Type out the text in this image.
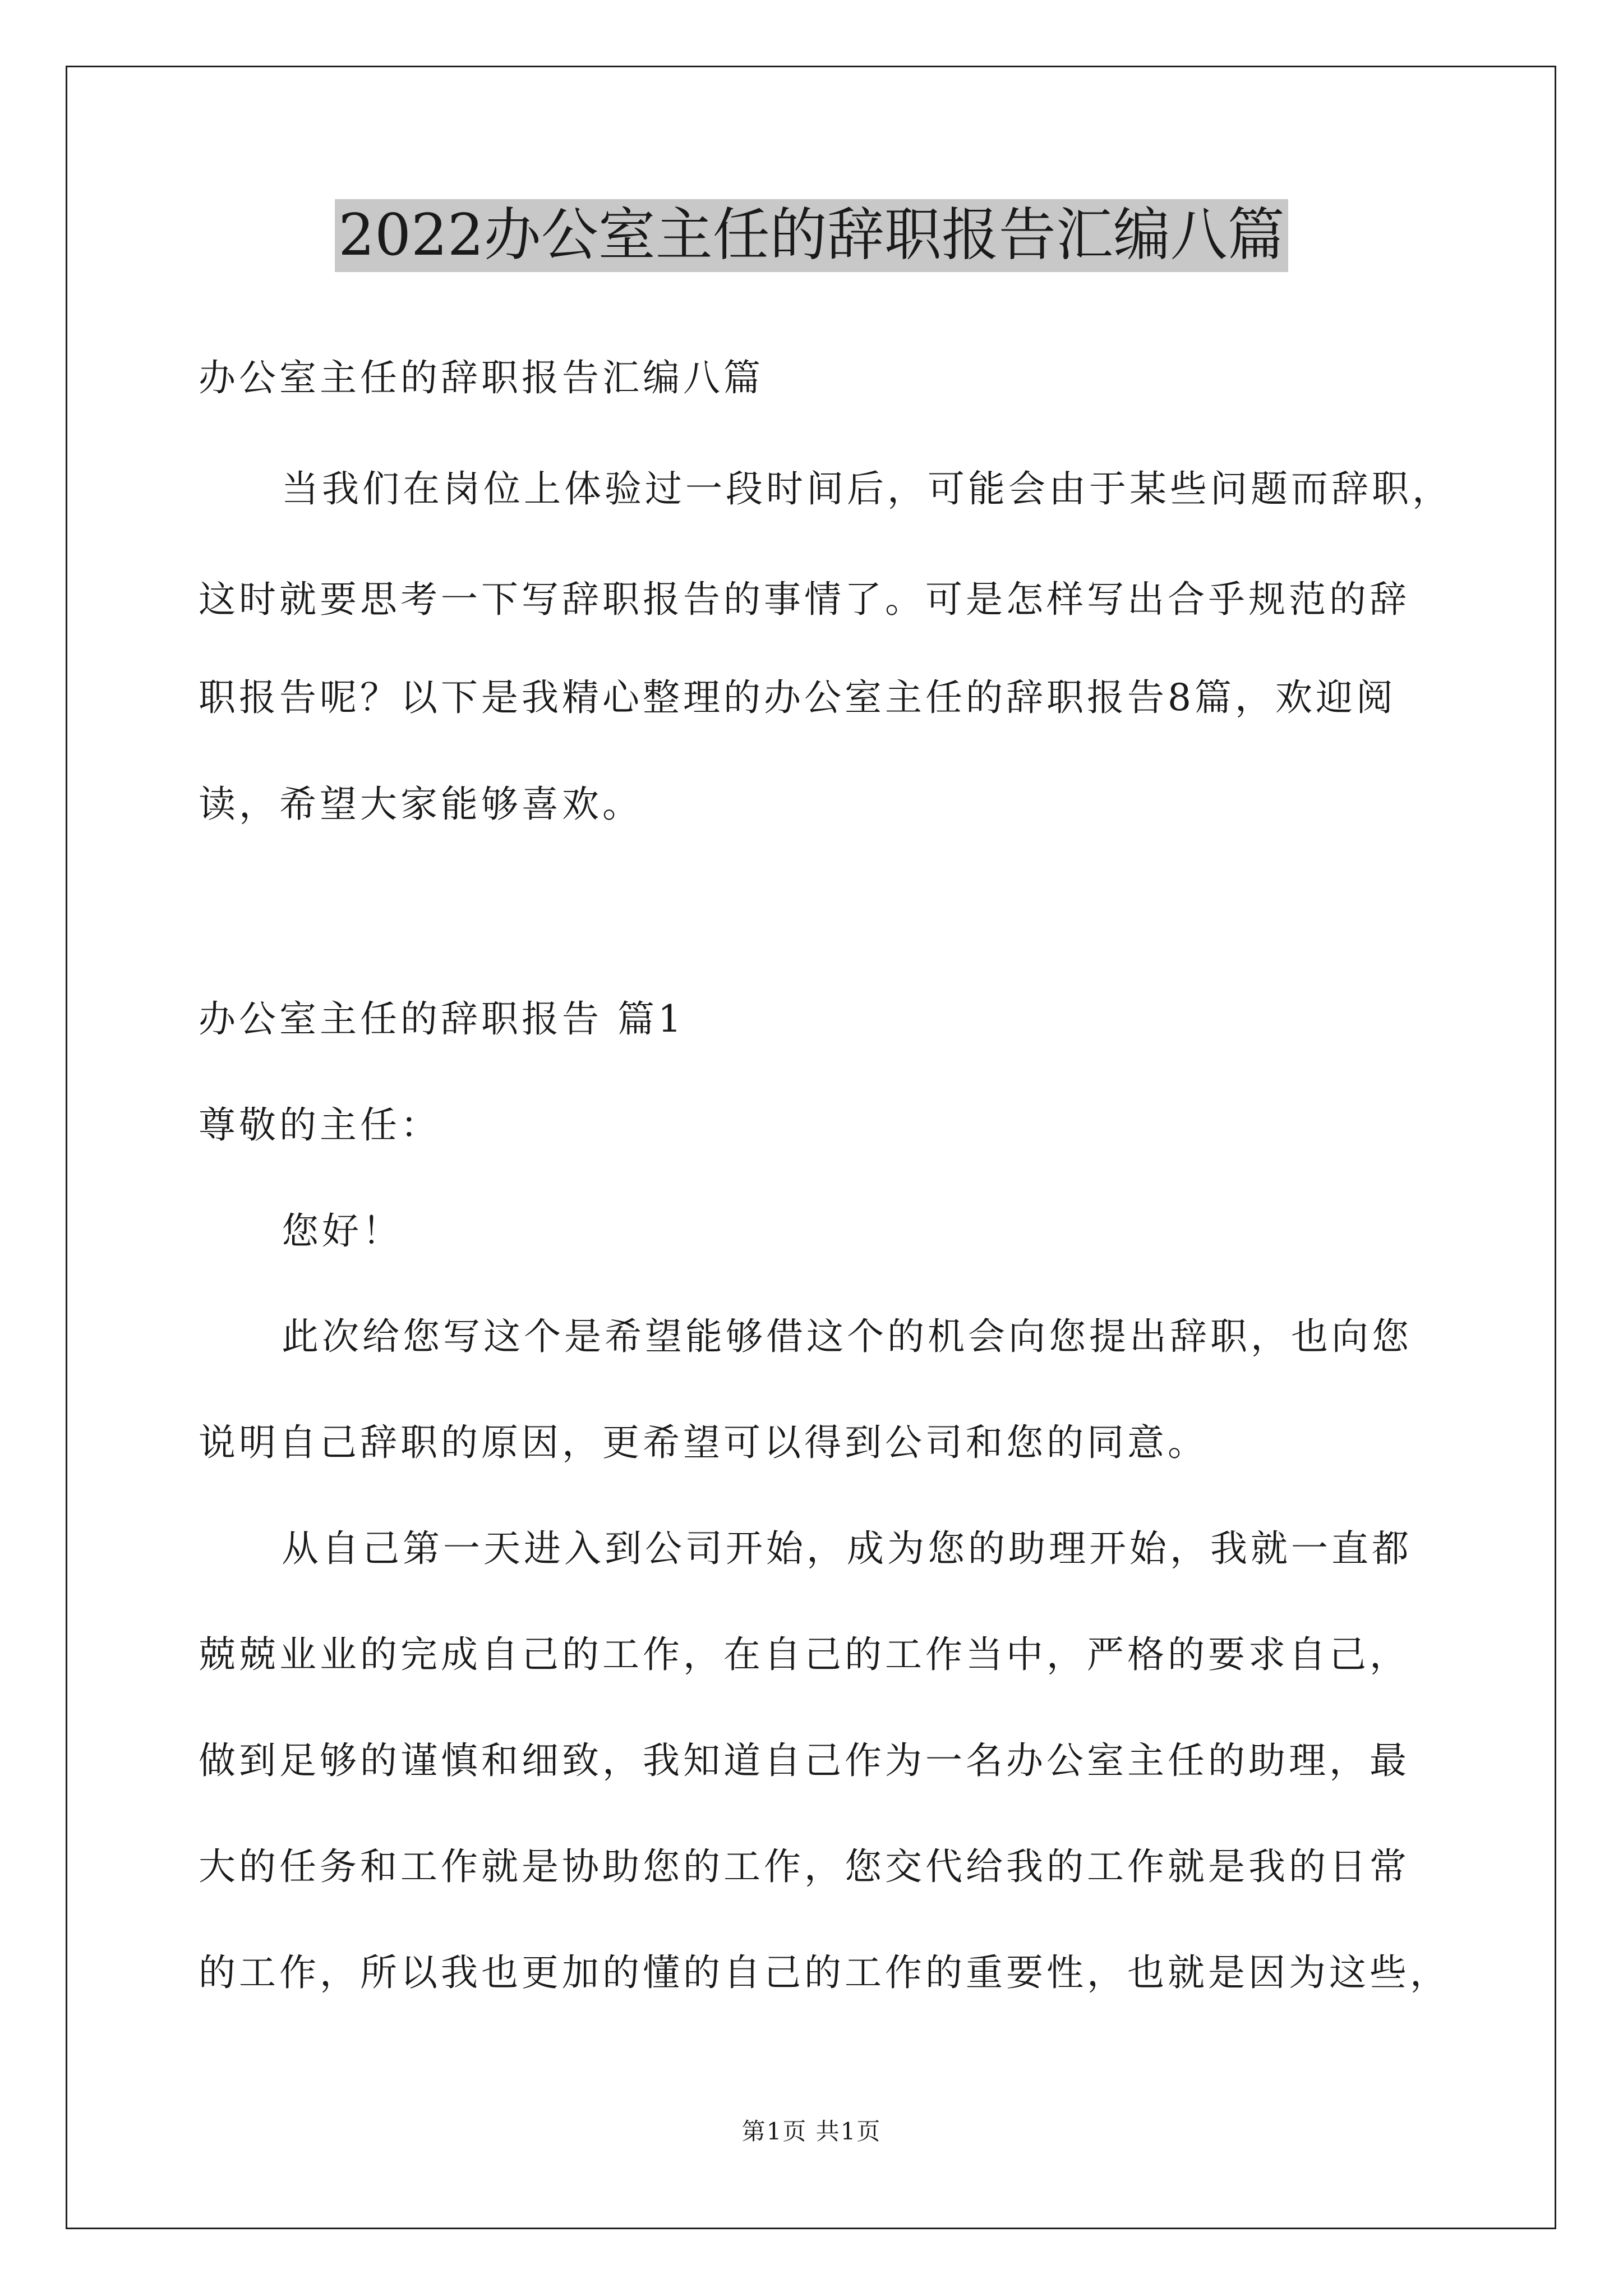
2022办公室主任的辞职报告汇编八篇
办公室主任的辞职报告汇编八篇
当我们在岗位上体验过一段时间后，可能会由于某些问题而辞职，
这时就要思考一下写辞职报告的事情了。可是怎样写出合乎规范的辞
职报告呢？以下是我精心整理的办公室主任的辞职报告8篇，欢迎阅
读，希望大家能够喜欢。
办公室主任的辞职报告 篇1
尊敬的主任：
您好！
此次给您写这个是希望能够借这个的机会向您提出辞职，也向您
说明自己辞职的原因，更希望可以得到公司和您的同意。
从自己第一天进入到公司开始，成为您的助理开始，我就一直都
兢兢业业的完成自己的工作，在自己的工作当中，严格的要求自己，
做到足够的谨慎和细致，我知道自己作为一名办公室主任的助理，最
大的任务和工作就是协助您的工作，您交代给我的工作就是我的日常
的工作，所以我也更加的懂的自己的工作的重要性，也就是因为这些，
第1页 共1页
